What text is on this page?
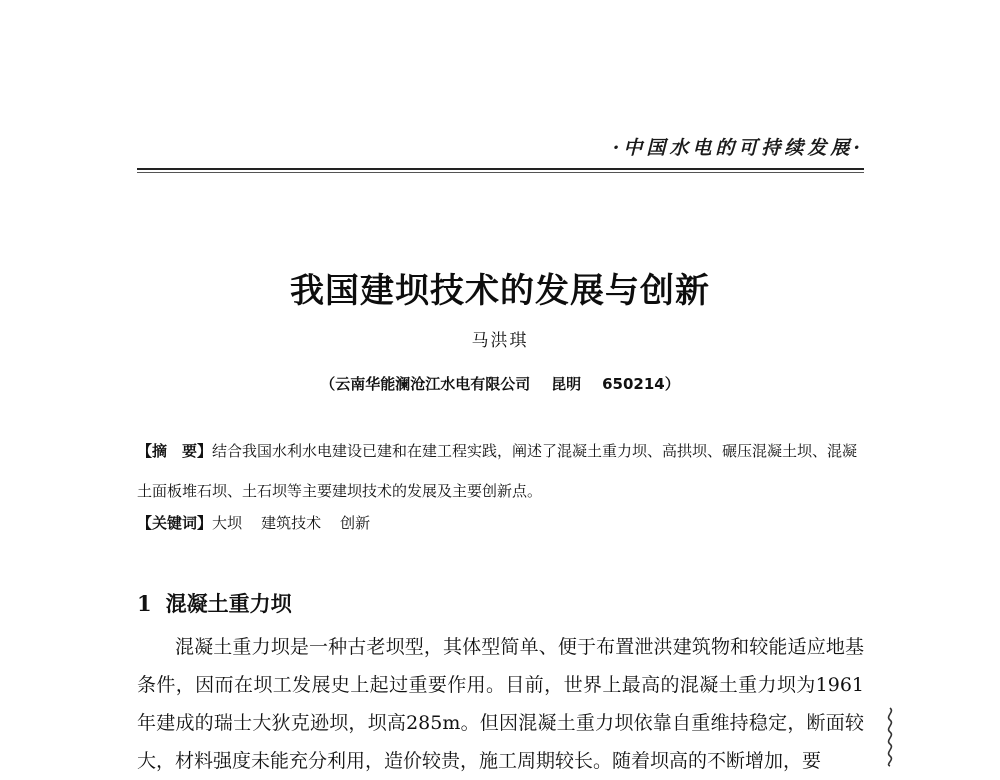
·中国水电的可持续发展·
我国建坝技术的发展与创新
马洪琪
（云南华能澜沧江水电有限公司    昆明    650214）
【摘　要】结合我国水利水电建设已建和在建工程实践，阐述了混凝土重力坝、高拱坝、碾压混凝土坝、混凝土面板堆石坝、土石坝等主要建坝技术的发展及主要创新点。
【关键词】大坝    建筑技术    创新
1 混凝土重力坝
混凝土重力坝是一种古老坝型，其体型简单、便于布置泄洪建筑物和较能适应地基条件，因而在坝工发展史上起过重要作用。目前，世界上最高的混凝土重力坝为1961年建成的瑞士大狄克逊坝，坝高285m。但因混凝土重力坝依靠自重维持稳定，断面较大，材料强度未能充分利用，造价较贵，施工周期较长。随着坝高的不断增加，要
